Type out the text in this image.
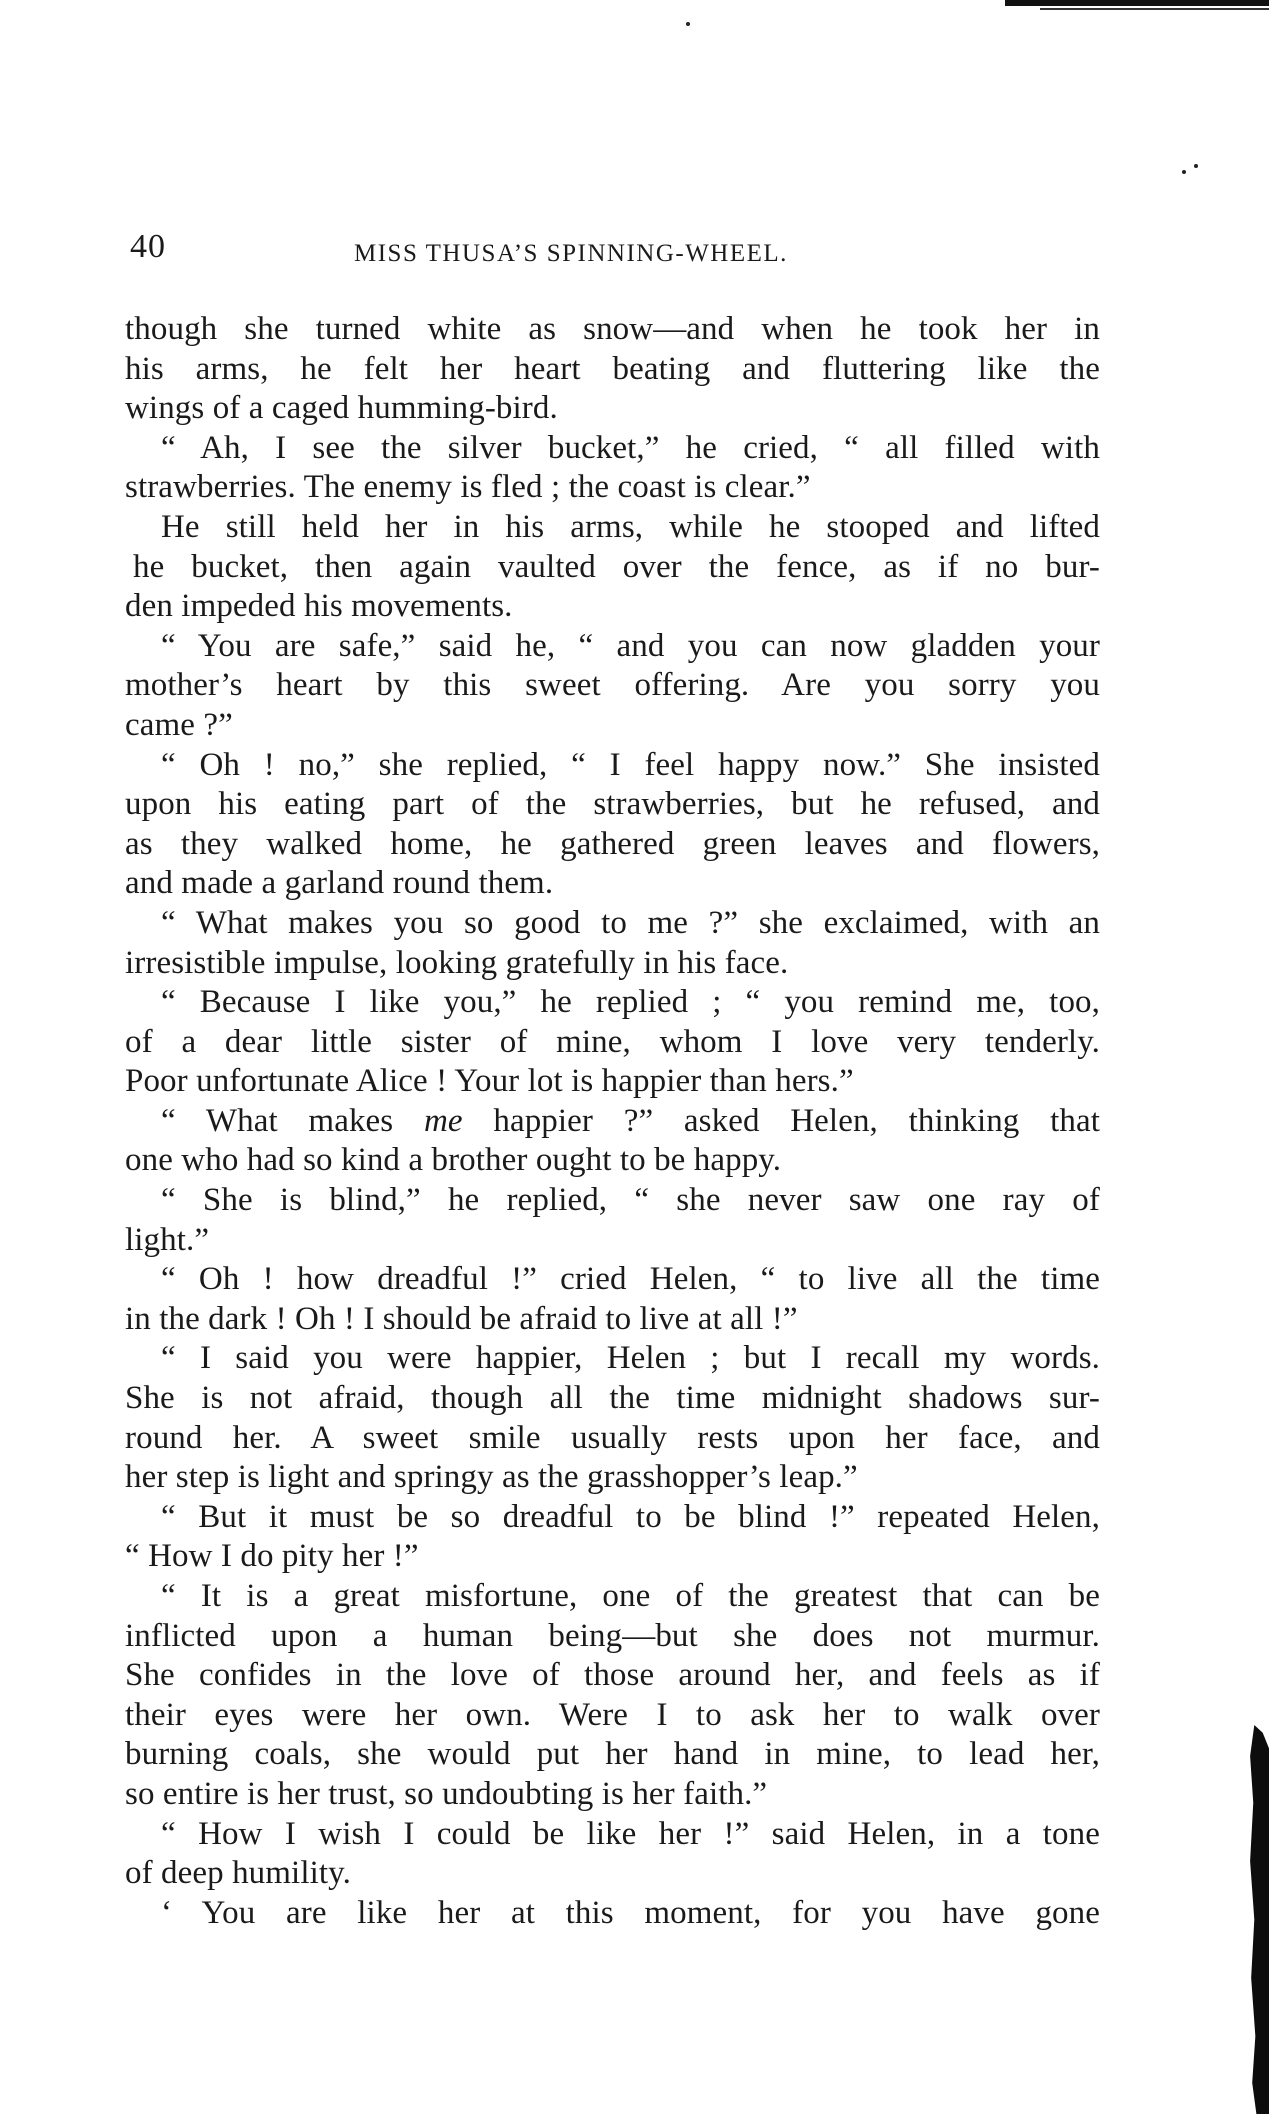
40	MISS THUSA’S SPINNING-WHEEL.
though she turned white as snow—and when he took her in
his arms, he felt her heart beating and fluttering like the
wings of a caged humming-bird.
“ Ah, I see the silver bucket,” he cried, “ all filled with
strawberries. The enemy is fled ; the coast is clear.”
He still held her in his arms, while he stooped and lifted
he bucket, then again vaulted over the fence, as if no bur-
den impeded his movements.
“ You are safe,” said he, “ and you can now gladden your
mother’s heart by this sweet offering. Are you sorry you
came ?”
“ Oh ! no,” she replied, “ I feel happy now.” She insisted
upon his eating part of the strawberries, but he refused, and
as they walked home, he gathered green leaves and flowers,
and made a garland round them.
“ What makes you so good to me ?” she exclaimed, with an
irresistible impulse, looking gratefully in his face.
“ Because I like you,” he replied ; “ you remind me, too,
of a dear little sister of mine, whom I love very tenderly.
Poor unfortunate Alice ! Your lot is happier than hers.”
“ What makes me happier ?” asked Helen, thinking that
one who had so kind a brother ought to be happy.
“ She is blind,” he replied, “ she never saw one ray of
light.”
“ Oh ! how dreadful !” cried Helen, “ to live all the time
in the dark ! Oh ! I should be afraid to live at all !”
“ I said you were happier, Helen ; but I recall my words.
She is not afraid, though all the time midnight shadows sur-
round her. A sweet smile usually rests upon her face, and
her step is light and springy as the grasshopper’s leap.”
“ But it must be so dreadful to be blind !” repeated Helen,
“ How I do pity her !”
“ It is a great misfortune, one of the greatest that can be
inflicted upon a human being—but she does not murmur.
She confides in the love of those around her, and feels as if
their eyes were her own. Were I to ask her to walk over
burning coals, she would put her hand in mine, to lead her,
so entire is her trust, so undoubting is her faith.”
“ How I wish I could be like her !” said Helen, in a tone
of deep humility.
‘ You are like her at this moment, for you have gone
